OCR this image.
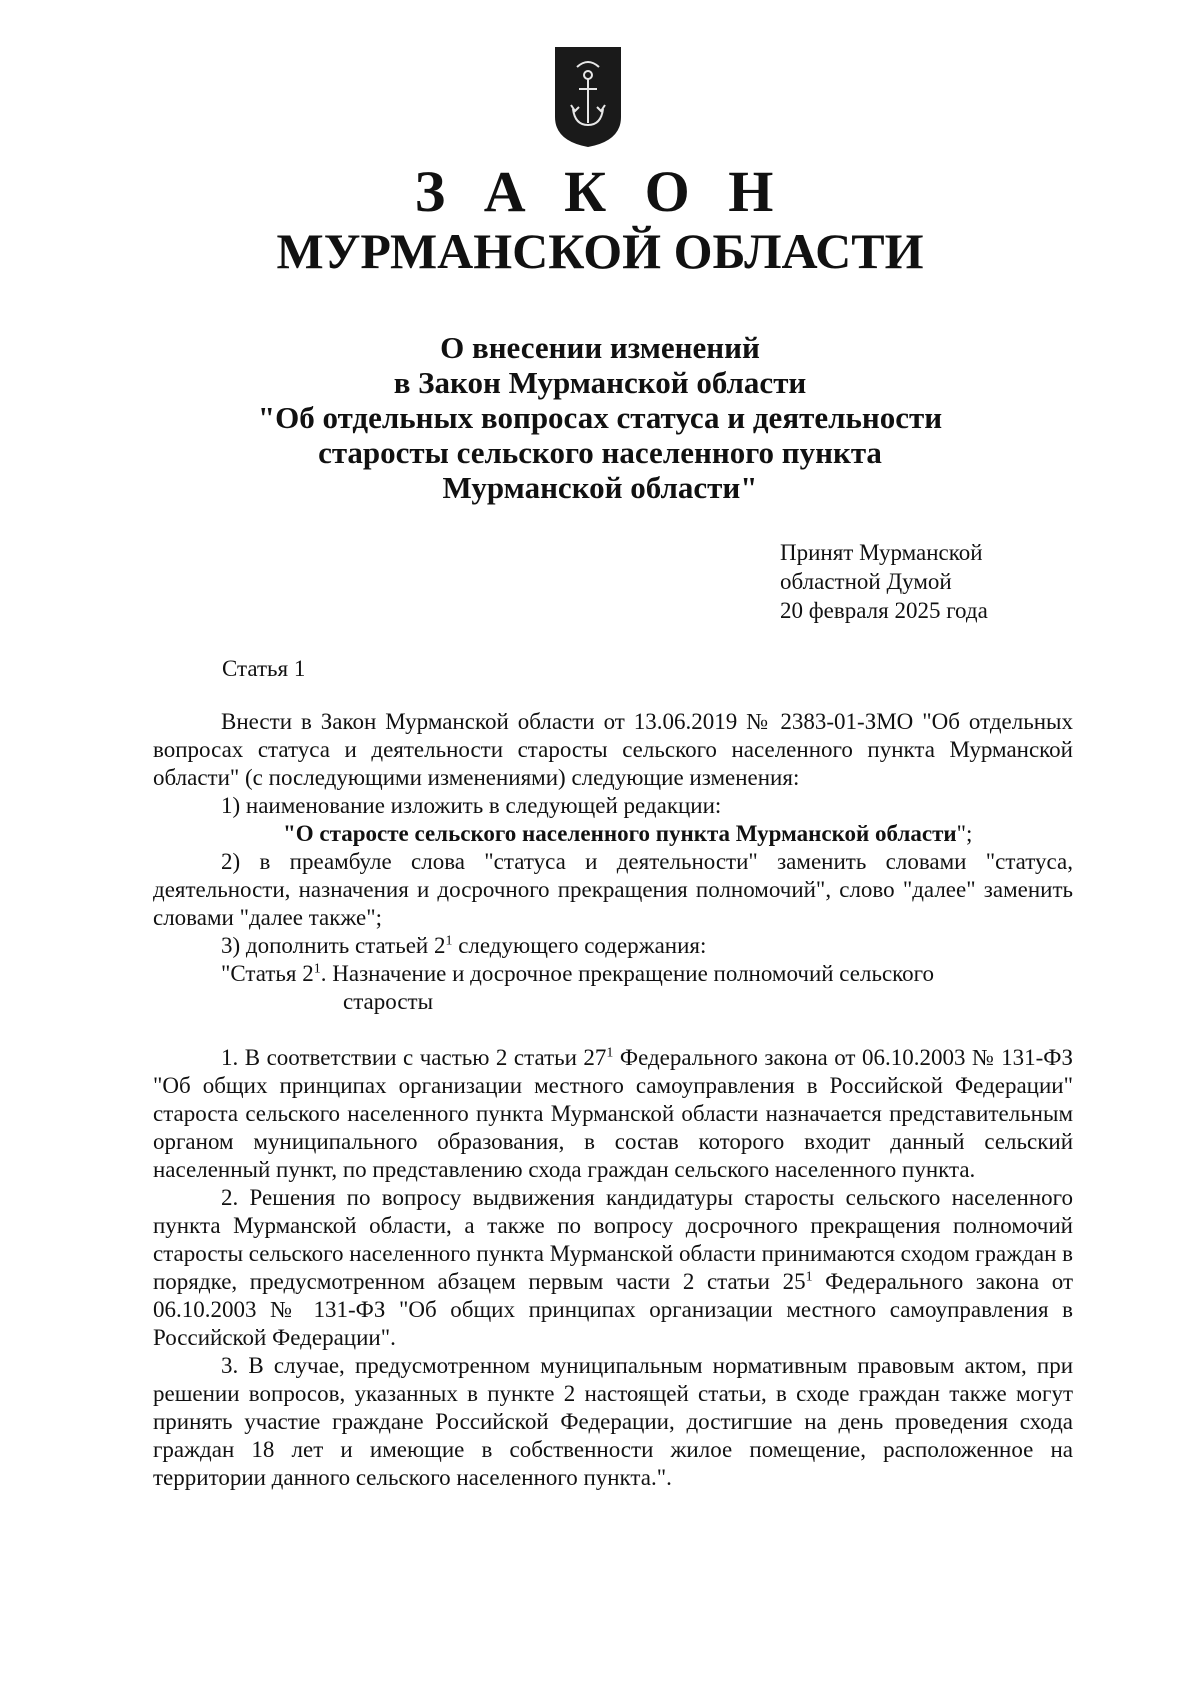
З А К О Н
МУРМАНСКОЙ ОБЛАСТИ
О внесении изменений
в Закон Мурманской области
"Об отдельных вопросах статуса и деятельности
старосты сельского населенного пункта
Мурманской области"
Принят Мурманской
областной Думой
20 февраля 2025 года
Статья 1

Внести в Закон Мурманской области от 13.06.2019 № 2383-01-ЗМО "Об отдельных вопросах статуса и деятельности старосты сельского населенного пункта Мурманской области" (с последующими изменениями) следующие изменения:

1) наименование изложить в следующей редакции:

"О старосте сельского населенного пункта Мурманской области";

2) в преамбуле слова "статуса и деятельности" заменить словами "статуса, деятельности, назначения и досрочного прекращения полномочий", слово "далее" заменить словами "далее также";

3) дополнить статьей $2^1$ следующего содержания:

"Статья $2^1$. Назначение и досрочное прекращение полномочий сельского

старосты

1. В соответствии с частью 2 статьи $27^1$ Федерального закона от 06.10.2003 № 131-ФЗ "Об общих принципах организации местного самоуправления в Российской Федерации" староста сельского населенного пункта Мурманской области назначается представительным органом муниципального образования, в состав которого входит данный сельский населенный пункт, по представлению схода граждан сельского населенного пункта.

2. Решения по вопросу выдвижения кандидатуры старосты сельского населенного пункта Мурманской области, а также по вопросу досрочного прекращения полномочий старосты сельского населенного пункта Мурманской области принимаются сходом граждан в порядке, предусмотренном абзацем первым части 2 статьи $25^1$ Федерального закона от 06.10.2003 № 131-ФЗ "Об общих принципах организации местного самоуправления в Российской Федерации".

3. В случае, предусмотренном муниципальным нормативным правовым актом, при решении вопросов, указанных в пункте 2 настоящей статьи, в сходе граждан также могут принять участие граждане Российской Федерации, достигшие на день проведения схода граждан 18 лет и имеющие в собственности жилое помещение, расположенное на территории данного сельского населенного пункта.".
